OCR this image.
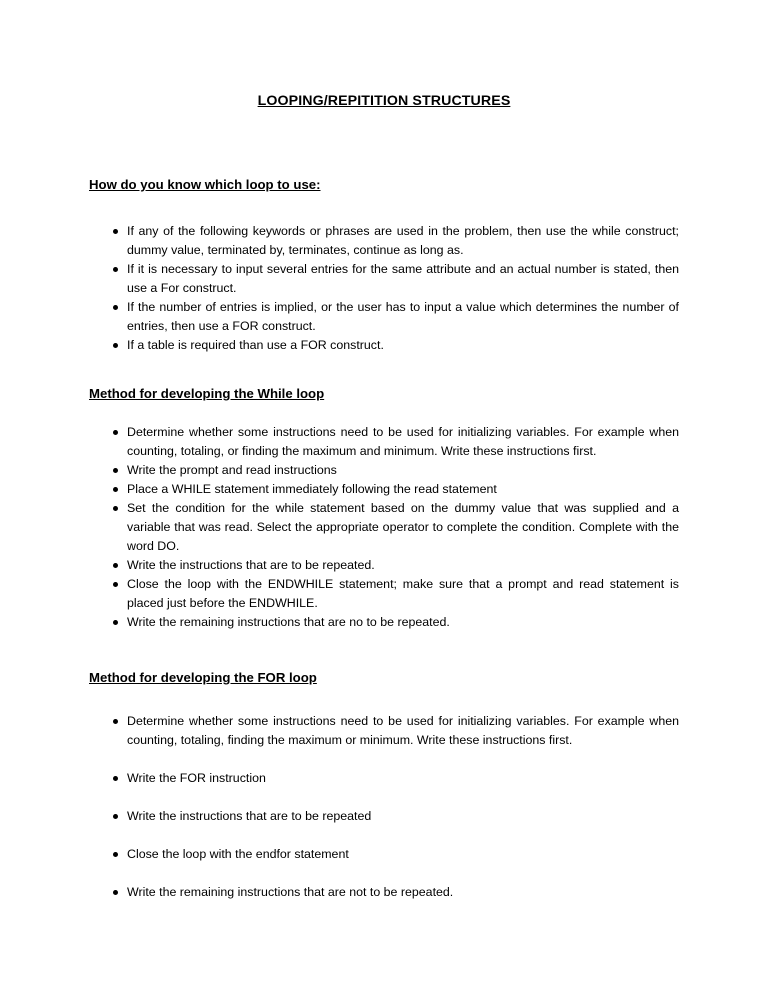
LOOPING/REPITITION STRUCTURES
How do you know which loop to use:
If any of the following keywords or phrases are used in the problem, then use the while construct; dummy value, terminated by, terminates, continue as long as.
If it is necessary to input several entries for the same attribute and an actual number is stated, then use a For construct.
If the number of entries is implied, or the user has to input a value which determines the number of entries, then use a FOR construct.
If a table is required than use a FOR construct.
Method for developing the While loop
Determine whether some instructions need to be used for initializing variables. For example when counting, totaling, or finding the maximum and minimum. Write these instructions first.
Write the prompt and read instructions
Place a WHILE statement immediately following the read statement
Set the condition for the while statement based on the dummy value that was supplied and a variable that was read. Select the appropriate operator to complete the condition. Complete with the word DO.
Write the instructions that are to be repeated.
Close the loop with the ENDWHILE statement; make sure that a prompt and read statement is placed just before the ENDWHILE.
Write the remaining instructions that are no to be repeated.
Method for developing the FOR loop
Determine whether some instructions need to be used for initializing variables. For example when counting, totaling, finding the maximum or minimum. Write these instructions first.
Write the FOR instruction
Write the instructions that are to be repeated
Close the loop with the endfor statement
Write the remaining instructions that are not to be repeated.
